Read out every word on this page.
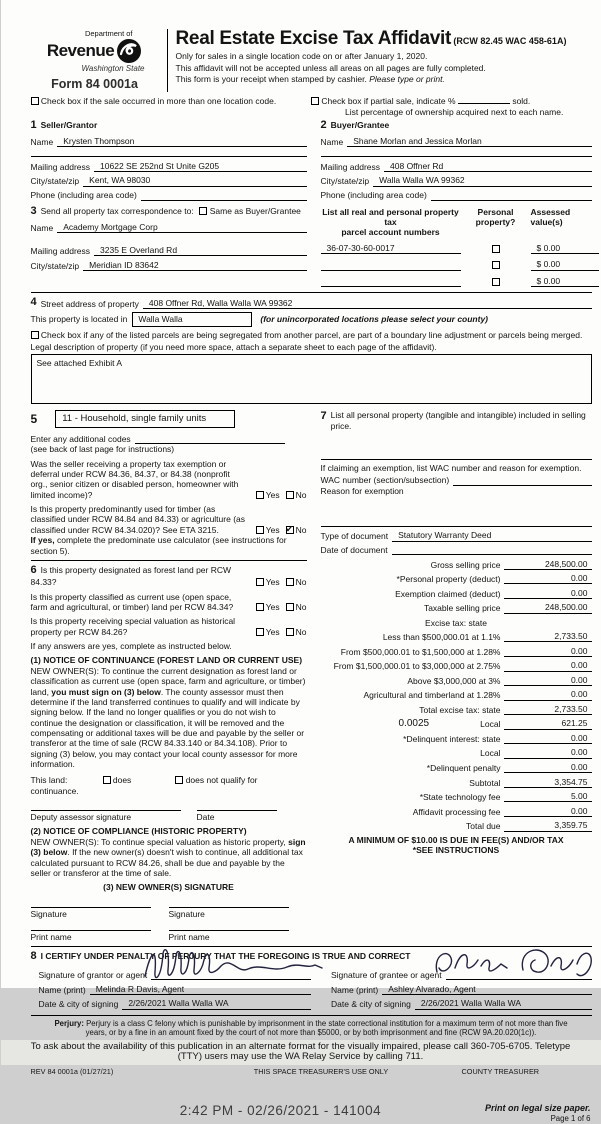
Department of
Revenue
Washington State
Form 84 0001a
Real Estate Excise Tax Affidavit (RCW 82.45 WAC 458-61A)
Only for sales in a single location code on or after January 1, 2020.
This affidavit will not be accepted unless all areas on all pages are fully completed.
This form is your receipt when stamped by cashier. Please type or print.
Check box if the sale occurred in more than one location code.	Check box if partial sale, indicate %	sold.
List percentage of ownership acquired next to each name.
1 Seller/Grantor
Name	Krysten Thompson
Mailing address	10622 SE 252nd St Unite G205
City/state/zip	Kent, WA 98030
Phone (including area code)
2 Buyer/Grantee
Name	Shane Morlan and Jessica Morlan
Mailing address	408 Offner Rd
City/state/zip	Walla Walla WA 99362
Phone (including area code)
3 Send all property tax correspondence to: Same as Buyer/Grantee
Name	Academy Mortgage Corp
Mailing address	3235 E Overland Rd
City/state/zip	Meridian ID 83642
List all real and personal property tax
parcel account numbers
Personal
property?
Assessed
value(s)
36-07-30-60-0017	$ 0.00
$ 0.00
$ 0.00
4 Street address of property	408 Offner Rd, Walla Walla WA 99362
This property is located in	Walla Walla	(for unincorporated locations please select your county)
Check box if any of the listed parcels are being segregated from another parcel, are part of a boundary line adjustment or parcels being merged.
Legal description of property (if you need more space, attach a separate sheet to each page of the affidavit).
See attached Exhibit A
5	11 - Household, single family units
Enter any additional codes
(see back of last page for instructions)
Was the seller receiving a property tax exemption or deferral under RCW 84.36, 84.37, or 84.38 (nonprofit org., senior citizen or disabled person, homeowner with limited income)?	Yes No
Is this property predominantly used for timber (as classified under RCW 84.84 and 84.33) or agriculture (as classified under RCW 84.34.020)? See ETA 3215.	Yes ✔ No
If yes, complete the predominate use calculator (see instructions for section 5).
6 Is this property designated as forest land per RCW 84.33?	Yes No
Is this property classified as current use (open space, farm and agricultural, or timber) land per RCW 84.34?	Yes No
Is this property receiving special valuation as historical property per RCW 84.26?	Yes No
If any answers are yes, complete as instructed below.
(1) NOTICE OF CONTINUANCE (FOREST LAND OR CURRENT USE)
NEW OWNER(S): To continue the current designation as forest land or classification as current use (open space, farm and agriculture, or timber) land, you must sign on (3) below. The county assessor must then determine if the land transferred continues to qualify and will indicate by signing below. If the land no longer qualifies or you do not wish to continue the designation or classification, it will be removed and the compensating or additional taxes will be due and payable by the seller or transferor at the time of sale (RCW 84.33.140 or 84.34.108). Prior to signing (3) below, you may contact your local county assessor for more information.
This land:	does	does not qualify for
continuance.
Deputy assessor signature	Date
(2) NOTICE OF COMPLIANCE (HISTORIC PROPERTY)
NEW OWNER(S): To continue special valuation as historic property, sign (3) below. If the new owner(s) doesn't wish to continue, all additional tax calculated pursuant to RCW 84.26, shall be due and payable by the seller or transferor at the time of sale.
(3) NEW OWNER(S) SIGNATURE
Signature	Signature
Print name	Print name
7 List all personal property (tangible and intangible) included in selling price.
If claiming an exemption, list WAC number and reason for exemption.
WAC number (section/subsection)
Reason for exemption
Type of document	Statutory Warranty Deed
Date of document
Gross selling price	248,500.00
*Personal property (deduct)	0.00
Exemption claimed (deduct)	0.00
Taxable selling price	248,500.00
Excise tax: state
Less than $500,000.01 at 1.1%	2,733.50
From $500,000.01 to $1,500,000 at 1.28%	0.00
From $1,500,000.01 to $3,000,000 at 2.75%	0.00
Above $3,000,000 at 3%	0.00
Agricultural and timberland at 1.28%	0.00
Total excise tax: state	2,733.50
0.0025	Local	621.25
*Delinquent interest: state	0.00
Local	0.00
*Delinquent penalty	0.00
Subtotal	3,354.75
*State technology fee	5.00
Affidavit processing fee	0.00
Total due	3,359.75
A MINIMUM OF $10.00 IS DUE IN FEE(S) AND/OR TAX
*SEE INSTRUCTIONS
8 I CERTIFY UNDER PENALTY OF PERJURY THAT THE FOREGOING IS TRUE AND CORRECT
Signature of grantor or agent
Name (print)	Melinda R Davis, Agent
Date & city of signing	2/26/2021 Walla Walla WA
Signature of grantee or agent
Name (print)	Ashley Alvarado, Agent
Date & city of signing	2/26/2021 Walla Walla WA
Perjury: Perjury is a class C felony which is punishable by imprisonment in the state correctional institution for a maximum term of not more than five years, or by a fine in an amount fixed by the court of not more than $5000, or by both imprisonment and fine (RCW 9A.20.020(1c)).
To ask about the availability of this publication in an alternate format for the visually impaired, please call 360-705-6705. Teletype (TTY) users may use the WA Relay Service by calling 711.
REV 84 0001a (01/27/21)	THIS SPACE TREASURER'S USE ONLY	COUNTY TREASURER
2:42 PM - 02/26/2021 - 141004	Print on legal size paper.
Page 1 of 6
